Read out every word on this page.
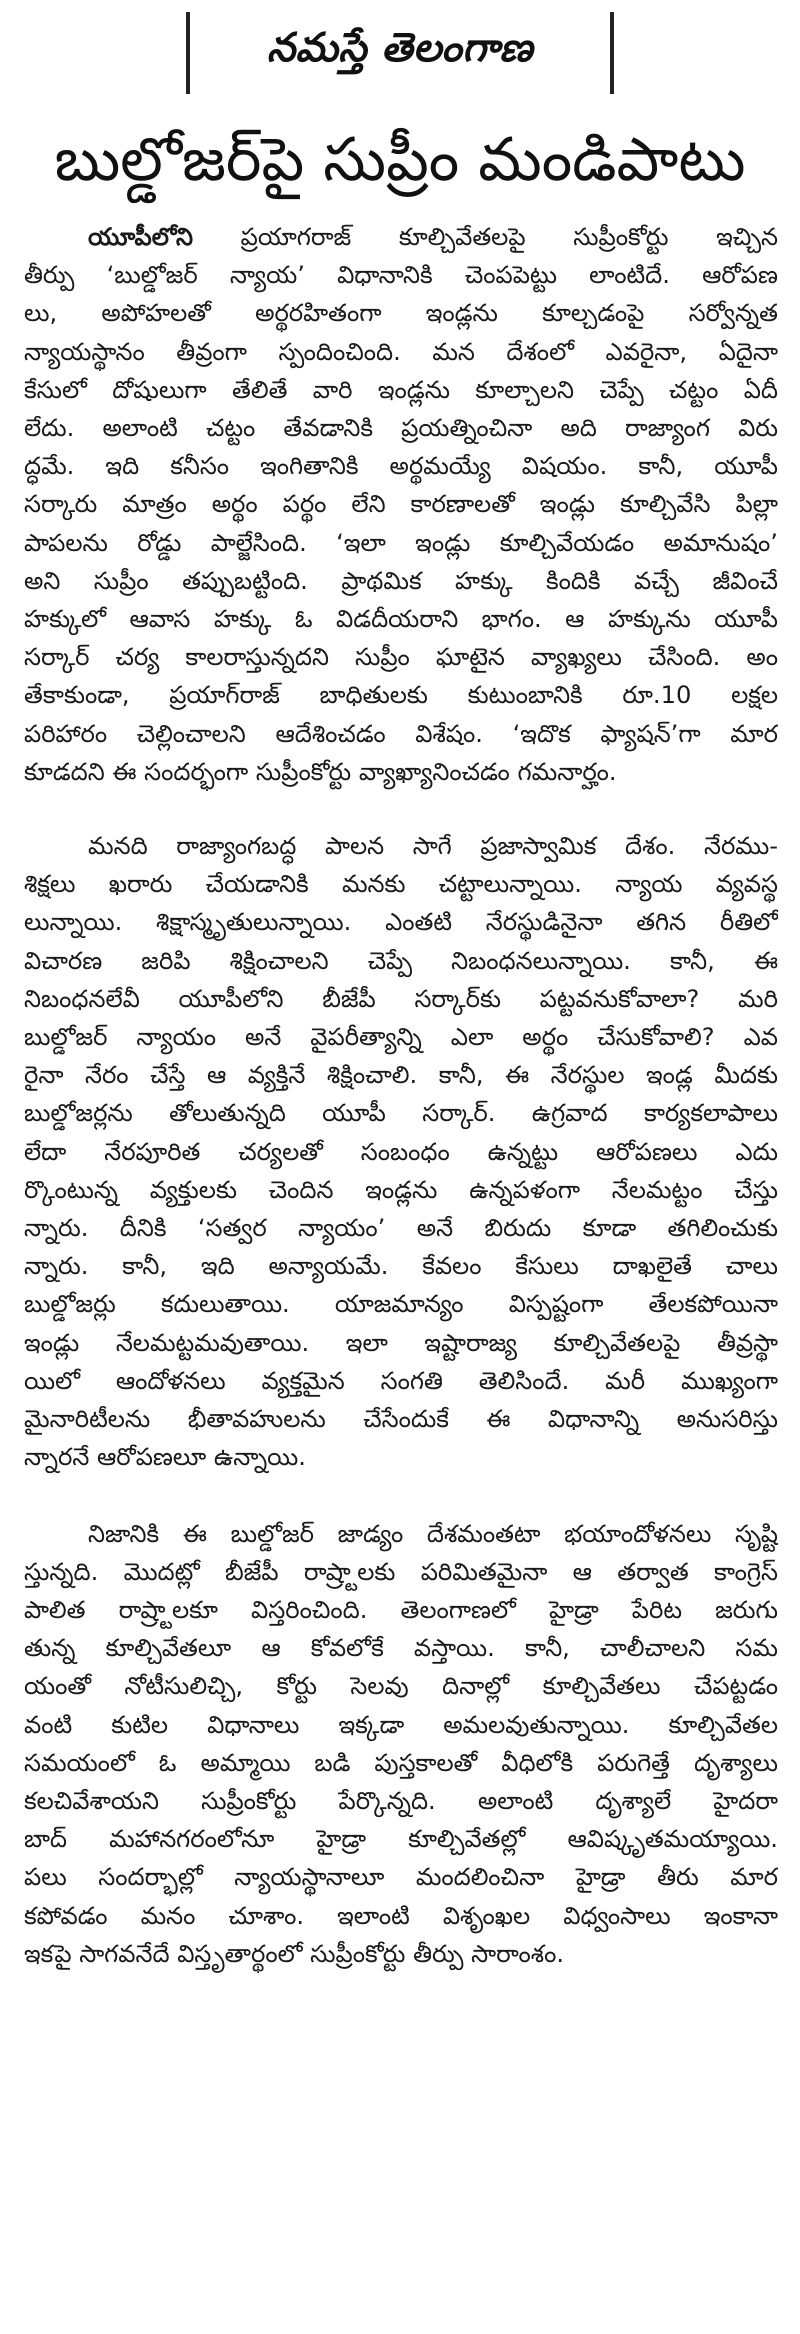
నమస్తే తెలంగాణ
బుల్డోజర్‌పై సుప్రీం మండిపాటు

యూపీలోని ప్రయాగరాజ్ కూల్చివేతలపై సుప్రీంకోర్టు ఇచ్చిన
తీర్పు ‘బుల్డోజర్ న్యాయ’ విధానానికి చెంపపెట్టు లాంటిదే. ఆరోపణ
లు, అపోహలతో అర్థరహితంగా ఇండ్లను కూల్చడంపై సర్వోన్నత
న్యాయస్థానం తీవ్రంగా స్పందించింది. మన దేశంలో ఎవరైనా, ఏదైనా
కేసులో దోషులుగా తేలితే వారి ఇండ్లను కూల్చాలని చెప్పే చట్టం ఏదీ
లేదు. అలాంటి చట్టం తేవడానికి ప్రయత్నించినా అది రాజ్యాంగ విరు
ద్ధమే. ఇది కనీసం ఇంగితానికి అర్థమయ్యే విషయం. కానీ, యూపీ
సర్కారు మాత్రం అర్థం పర్థం లేని కారణాలతో ఇండ్లు కూల్చివేసి పిల్లా
పాపలను రోడ్డు పాల్జేసింది. ‘ఇలా ఇండ్లు కూల్చివేయడం అమానుషం’
అని సుప్రీం తప్పుబట్టింది. ప్రాథమిక హక్కు కిందికి వచ్చే జీవించే
హక్కులో ఆవాస హక్కు ఓ విడదీయరాని భాగం. ఆ హక్కును యూపీ
సర్కార్ చర్య కాలరాస్తున్నదని సుప్రీం ఘాటైన వ్యాఖ్యలు చేసింది. అం
తేకాకుండా, ప్రయాగ్‌రాజ్ బాధితులకు కుటుంబానికి రూ.10 లక్షల
పరిహారం చెల్లించాలని ఆదేశించడం విశేషం. ‘ఇదొక ఫ్యాషన్’గా మార
కూడదని ఈ సందర్భంగా సుప్రీంకోర్టు వ్యాఖ్యానించడం గమనార్హం.

మనది రాజ్యాంగబద్ధ పాలన సాగే ప్రజాస్వామిక దేశం. నేరము-
శిక్షలు ఖరారు చేయడానికి మనకు చట్టాలున్నాయి. న్యాయ వ్యవస్థ
లున్నాయి. శిక్షాస్మృతులున్నాయి. ఎంతటి నేరస్థుడినైనా తగిన రీతిలో
విచారణ జరిపి శిక్షించాలని చెప్పే నిబంధనలున్నాయి. కానీ, ఈ
నిబంధనలేవీ యూపీలోని బీజేపీ సర్కార్‌కు పట్టవనుకోవాలా? మరి
బుల్డోజర్ న్యాయం అనే వైపరీత్యాన్ని ఎలా అర్థం చేసుకోవాలి? ఎవ
రైనా నేరం చేస్తే ఆ వ్యక్తినే శిక్షించాలి. కానీ, ఈ నేరస్థుల ఇండ్ల మీదకు
బుల్డోజర్లను తోలుతున్నది యూపీ సర్కార్. ఉగ్రవాద కార్యకలాపాలు
లేదా నేరపూరిత చర్యలతో సంబంధం ఉన్నట్టు ఆరోపణలు ఎదు
ర్కొంటున్న వ్యక్తులకు చెందిన ఇండ్లను ఉన్నపళంగా నేలమట్టం చేస్తు
న్నారు. దీనికి ‘సత్వర న్యాయం’ అనే బిరుదు కూడా తగిలించుకు
న్నారు. కానీ, ఇది అన్యాయమే. కేవలం కేసులు దాఖలైతే చాలు
బుల్డోజర్లు కదులుతాయి. యాజమాన్యం విస్పష్టంగా తేలకపోయినా
ఇండ్లు నేలమట్టమవుతాయి. ఇలా ఇష్టారాజ్య కూల్చివేతలపై తీవ్రస్థా
యిలో ఆందోళనలు వ్యక్తమైన సంగతి తెలిసిందే. మరీ ముఖ్యంగా
మైనారిటీలను భీతావహులను చేసేందుకే ఈ విధానాన్ని అనుసరిస్తు
న్నారనే ఆరోపణలూ ఉన్నాయి.

నిజానికి ఈ బుల్డోజర్ జాడ్యం దేశమంతటా భయాందోళనలు సృష్టి
స్తున్నది. మొదట్లో బీజేపీ రాష్ర్టాలకు పరిమితమైనా ఆ తర్వాత కాంగ్రెస్
పాలిత రాష్ర్టాలకూ విస్తరించింది. తెలంగాణలో హైడ్రా పేరిట జరుగు
తున్న కూల్చివేతలూ ఆ కోవలోకే వస్తాయి. కానీ, చాలీచాలని సమ
యంతో నోటీసులిచ్చి, కోర్టు సెలవు దినాల్లో కూల్చివేతలు చేపట్టడం
వంటి కుటిల విధానాలు ఇక్కడా అమలవుతున్నాయి. కూల్చివేతల
సమయంలో ఓ అమ్మాయి బడి పుస్తకాలతో వీధిలోకి పరుగెత్తే దృశ్యాలు
కలచివేశాయని సుప్రీంకోర్టు పేర్కొన్నది. అలాంటి దృశ్యాలే హైదరా
బాద్ మహానగరంలోనూ హైడ్రా కూల్చివేతల్లో ఆవిష్కృతమయ్యాయి.
పలు సందర్భాల్లో న్యాయస్థానాలూ మందలించినా హైడ్రా తీరు మార
కపోవడం మనం చూశాం. ఇలాంటి విశృంఖల విధ్వంసాలు ఇంకానా
ఇకపై సాగవనేదే విస్తృతార్థంలో సుప్రీంకోర్టు తీర్పు సారాంశం.
